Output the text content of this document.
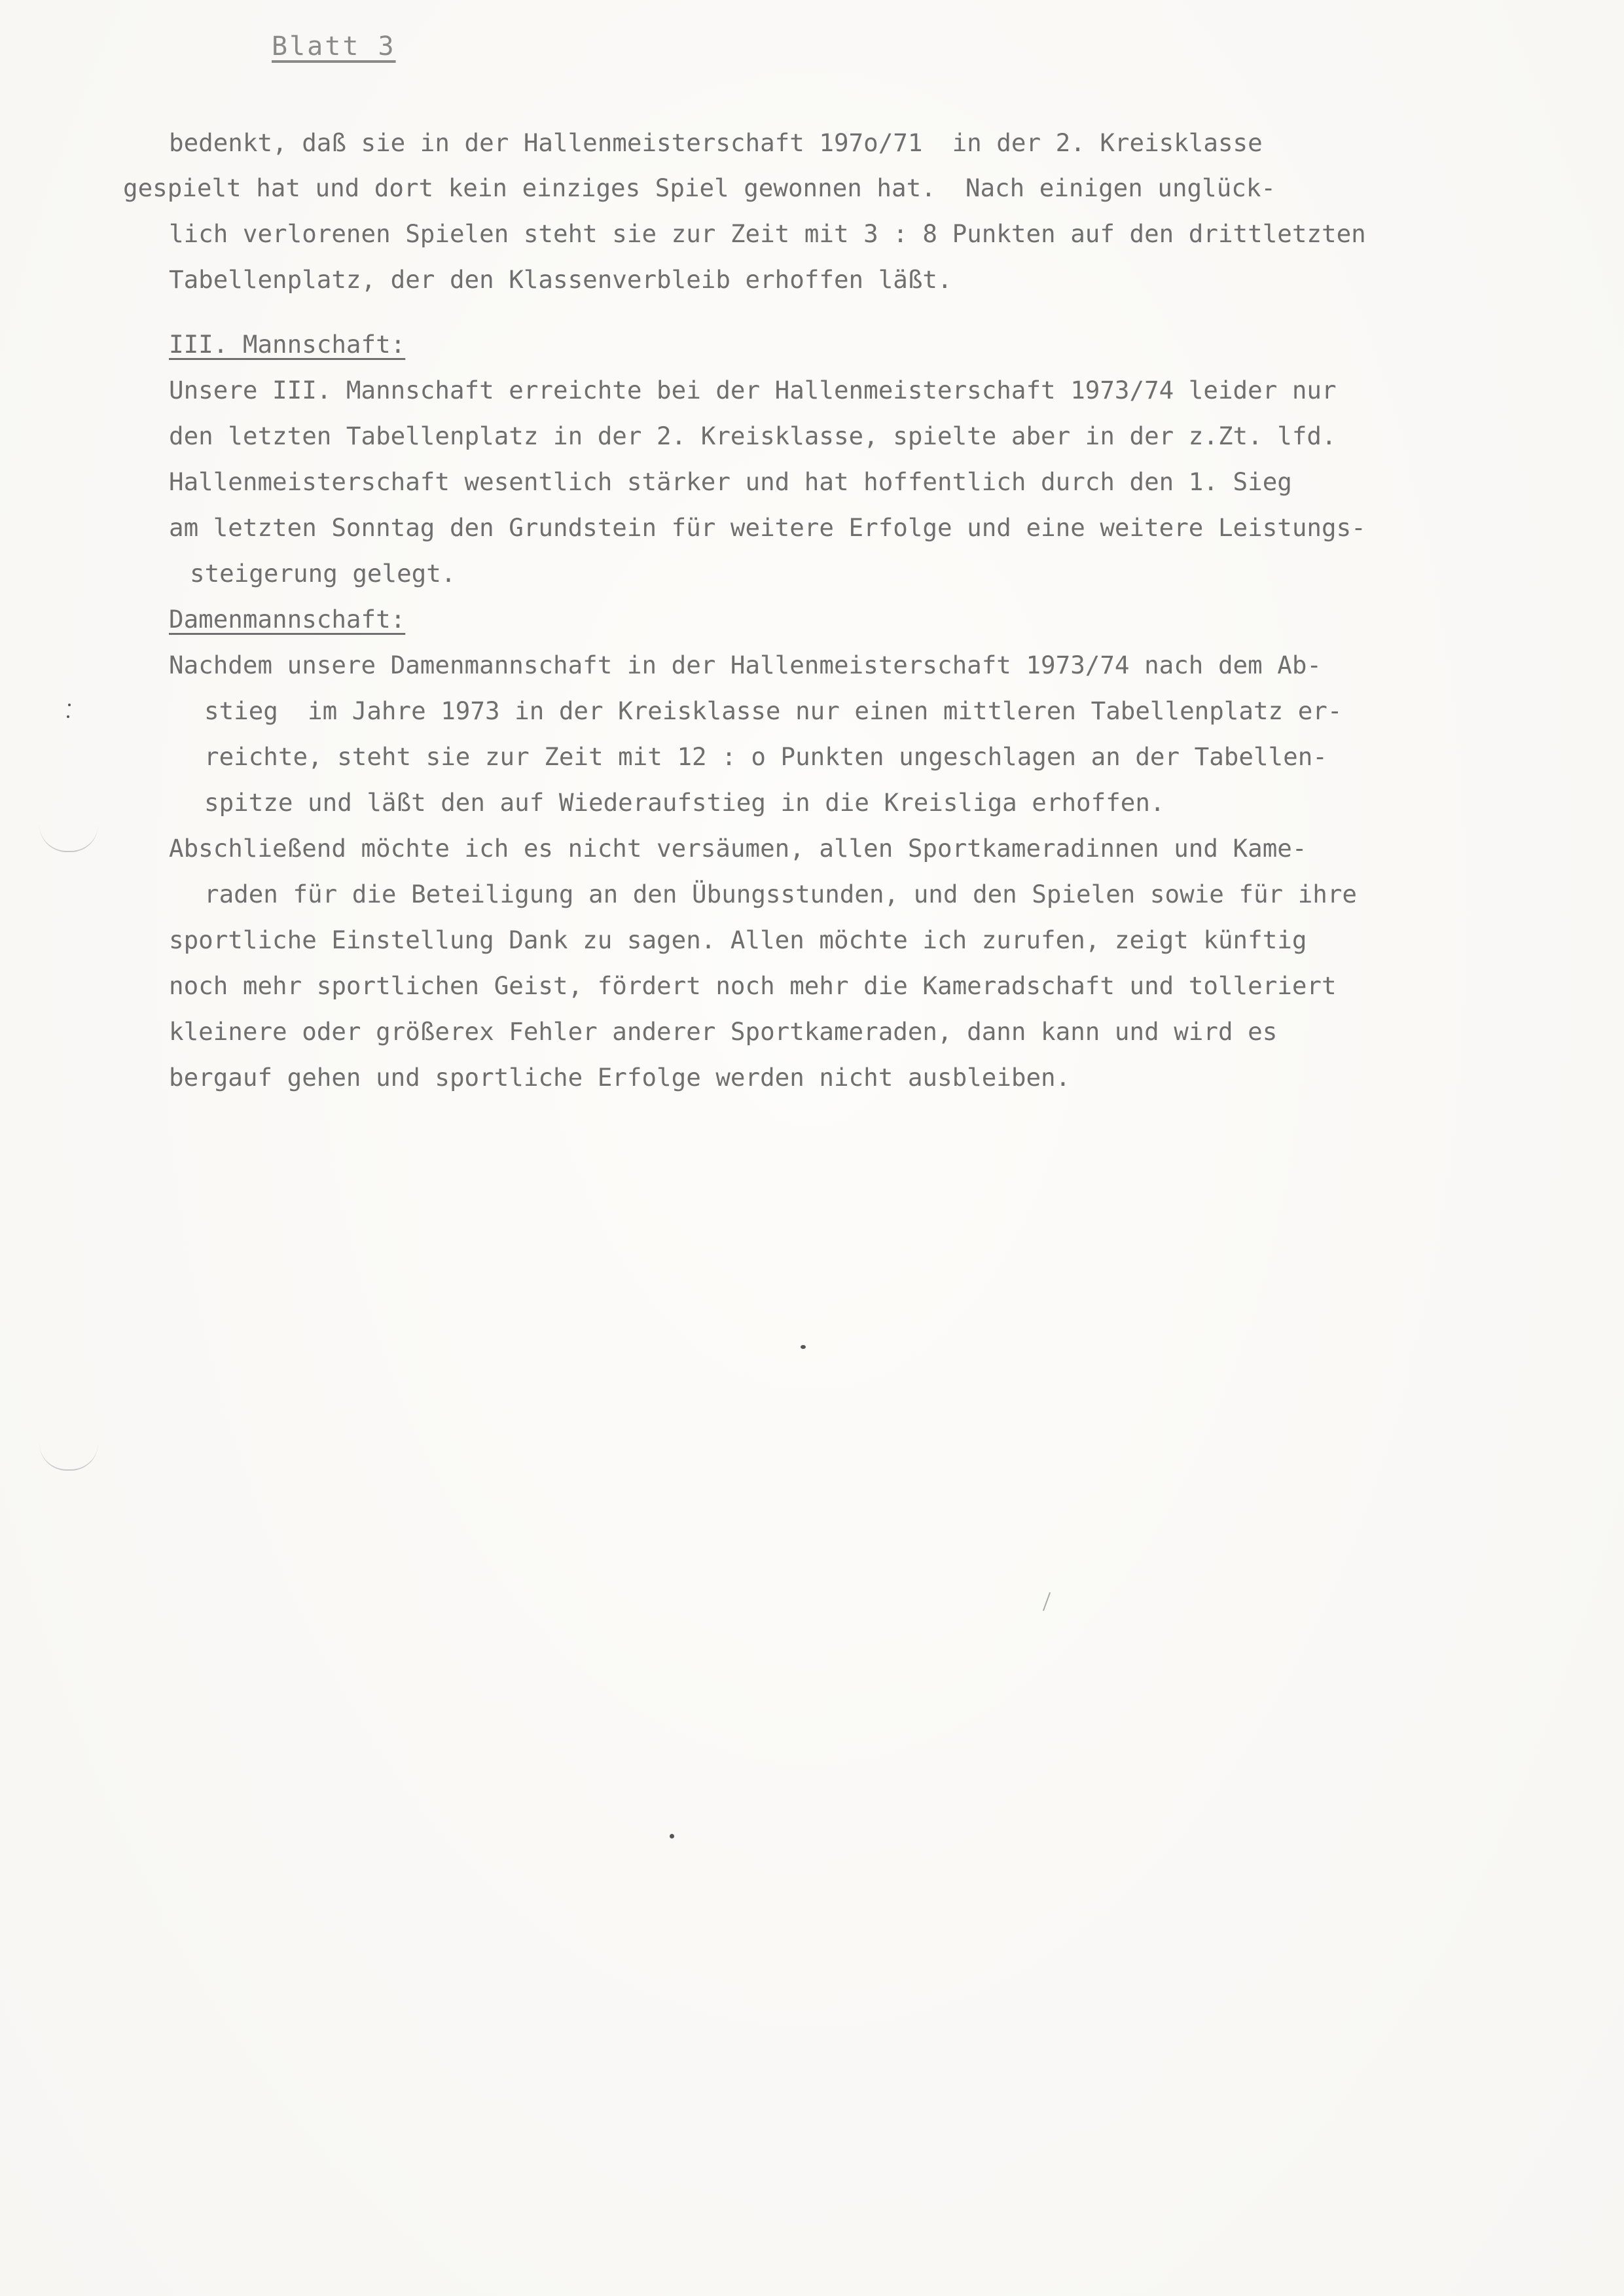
Blatt 3
bedenkt, daß sie in der Hallenmeisterschaft 197o/71  in der 2. Kreisklasse
gespielt hat und dort kein einziges Spiel gewonnen hat.  Nach einigen unglück-
lich verlorenen Spielen steht sie zur Zeit mit 3 : 8 Punkten auf den drittletzten
Tabellenplatz, der den Klassenverbleib erhoffen läßt.
III. Mannschaft:
Unsere III. Mannschaft erreichte bei der Hallenmeisterschaft 1973/74 leider nur
den letzten Tabellenplatz in der 2. Kreisklasse, spielte aber in der z.Zt. lfd.
Hallenmeisterschaft wesentlich stärker und hat hoffentlich durch den 1. Sieg
am letzten Sonntag den Grundstein für weitere Erfolge und eine weitere Leistungs-
steigerung gelegt.
Damenmannschaft:
Nachdem unsere Damenmannschaft in der Hallenmeisterschaft 1973/74 nach dem Ab-
stieg  im Jahre 1973 in der Kreisklasse nur einen mittleren Tabellenplatz er-
reichte, steht sie zur Zeit mit 12 : o Punkten ungeschlagen an der Tabellen-
spitze und läßt den auf Wiederaufstieg in die Kreisliga erhoffen.
Abschließend möchte ich es nicht versäumen, allen Sportkameradinnen und Kame-
raden für die Beteiligung an den Übungsstunden, und den Spielen sowie für ihre
sportliche Einstellung Dank zu sagen. Allen möchte ich zurufen, zeigt künftig
noch mehr sportlichen Geist, fördert noch mehr die Kameradschaft und tolleriert
kleinere oder größerex Fehler anderer Sportkameraden, dann kann und wird es
bergauf gehen und sportliche Erfolge werden nicht ausbleiben.
